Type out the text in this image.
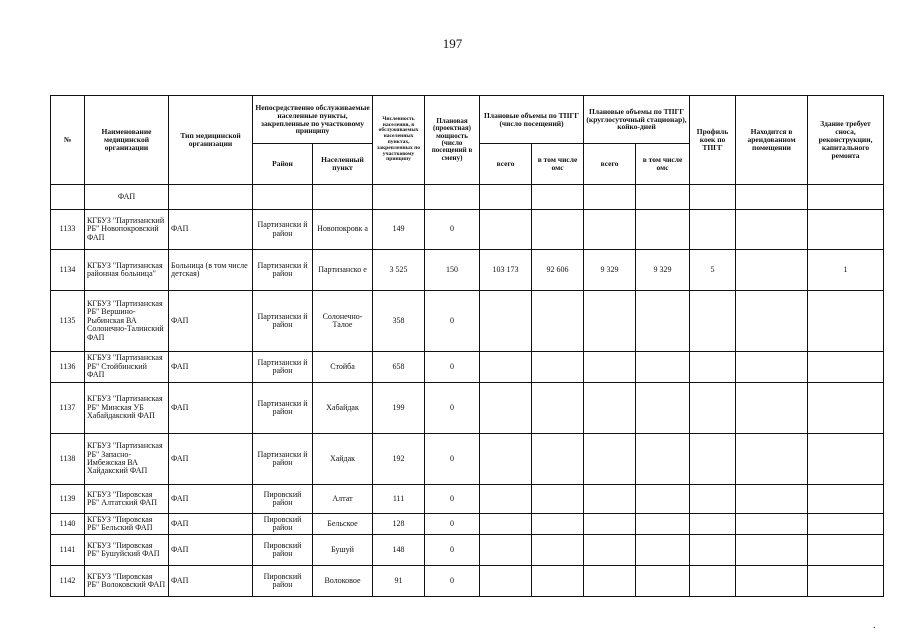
197
№	Наименование медицинской организации	Тип медицинской организации	Непосредственно обслуживаемые населенные пункты, закрепленные по участковому принципу		Численность населения, в обслуживаемых населенных пунктах, закрепленных по участковому принципу	Плановая (проектная) мощность (число посещений в смену)	Плановые объемы по ТПГГ (число посещений)		Плановые объемы по ТПГГ (круглосуточный стационар), койко-дней		Профиль коек по ТПГГ	Находится в арендованном помещении	Здание требует сноса, реконструкции, капитального ремонта
			Район	Населенный пункт			всего	в том числе омс	всего	в том числе омс			
	ФАП												
1133	КГБУЗ "Партизанский РБ" Новопокровский ФАП	ФАП	Партизански й район	Новопокровк а	149	0							
1134	КГБУЗ "Партизанская районная больница"	Больница (в том числе детская)	Партизански й район	Партизанско е	3 525	150	103 173	92 606	9 329	9 329	5		1
1135	КГБУЗ "Партизанская РБ" Вершино-Рыбинская ВА Солонечно-Талинский ФАП	ФАП	Партизански й район	Солонечно-Талое	358	0							
1136	КГБУЗ "Партизанская РБ" Стойбинский ФАП	ФАП	Партизански й район	Стойба	658	0							
1137	КГБУЗ "Партизанская РБ" Минская УБ Хабайдакский ФАП	ФАП	Партизански й район	Хабайдак	199	0							
1138	КГБУЗ "Партизанская РБ" Запасно-Имбежская ВА Хайдакский ФАП	ФАП	Партизански й район	Хайдак	192	0							
1139	КГБУЗ "Пировская РБ" Алтатский ФАП	ФАП	Пировский район	Алтат	111	0							
1140	КГБУЗ "Пировская РБ" Бельский ФАП	ФАП	Пировский район	Бельское	128	0							
1141	КГБУЗ "Пировская РБ" Бушуйский ФАП	ФАП	Пировский район	Бушуй	148	0							
1142	КГБУЗ "Пировская РБ" Волоковский ФАП	ФАП	Пировский район	Волоковое	91	0							
.
